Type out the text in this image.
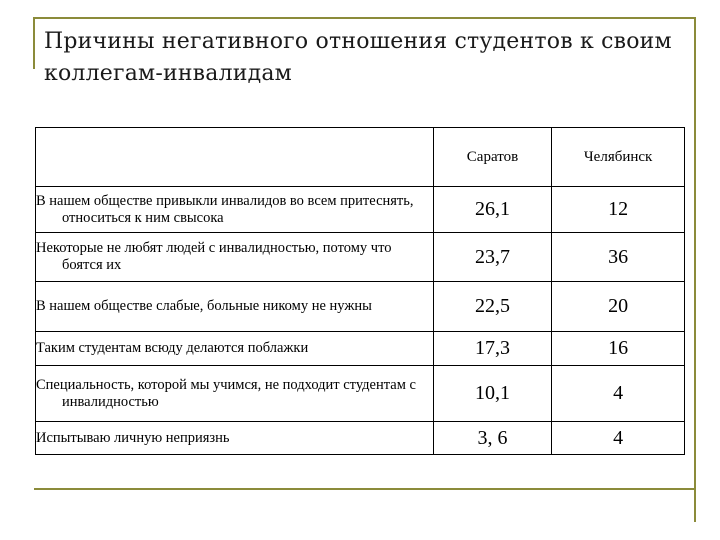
Причины негативного отношения студентов к своим коллегам-инвалидам
	Саратов	Челябинск

В нашем обществе привыкли инвалидов во всем притеснять, относиться к ним свысока	26,1	12

Некоторые не любят людей с инвалидностью, потому что боятся их	23,7	36

В нашем обществе слабые, больные никому не нужны	22,5	20

Таким студентам всюду делаются поблажки	17,3	16

Специальность, которой мы учимся, не подходит студентам с инвалидностью	10,1	4

Испытываю личную неприязнь	3, 6	4
